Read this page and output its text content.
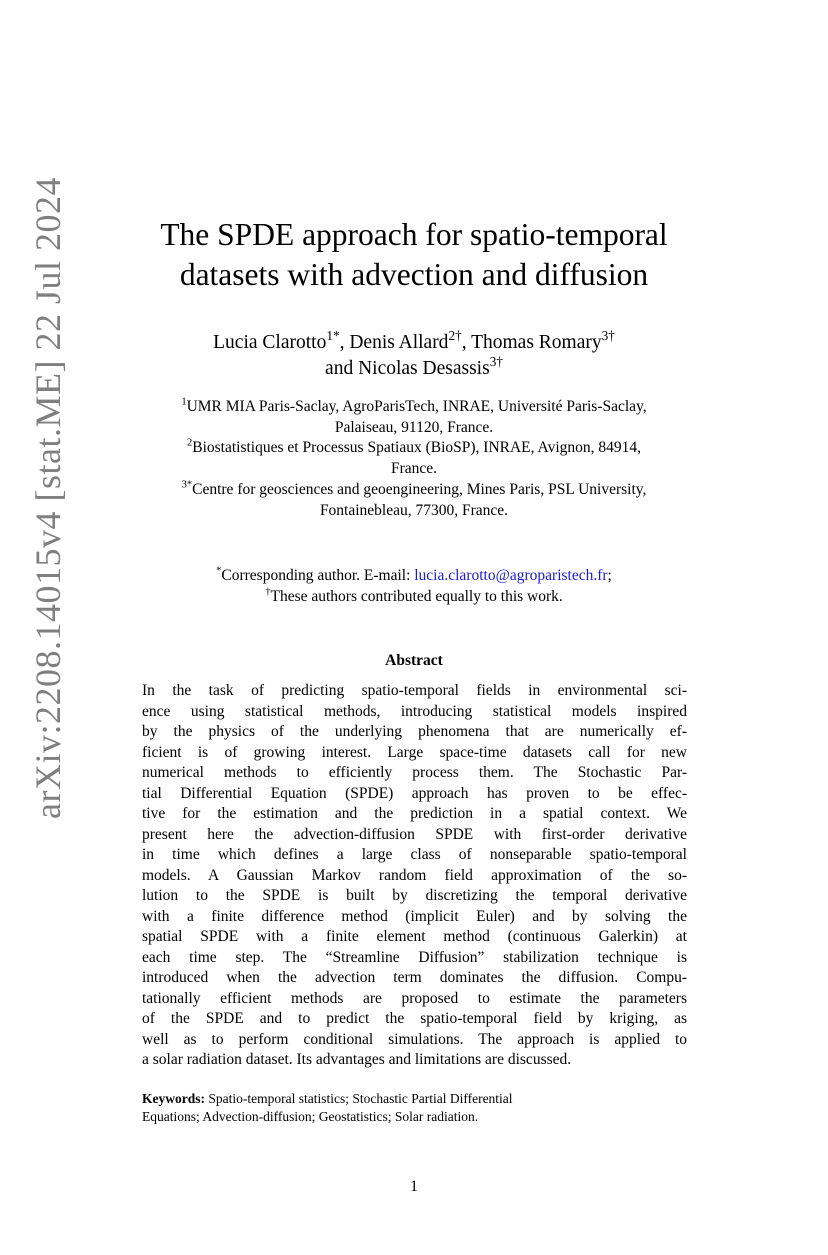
arXiv:2208.14015v4 [stat.ME] 22 Jul 2024	The SPDE approach for spatio-temporal
datasets with advection and diffusion
Lucia Clarotto$^{1*}$, Denis Allard$^{2\dagger}$, Thomas Romary$^{3\dagger}$
and Nicolas Desassis$^{3\dagger}$
$^1$UMR MIA Paris-Saclay, AgroParisTech, INRAE, Université Paris-Saclay,
Palaiseau, 91120, France.
$^2$Biostatistiques et Processus Spatiaux (BioSP), INRAE, Avignon, 84914,
France.
$^{3*}$Centre for geosciences and geoengineering, Mines Paris, PSL University,
Fontainebleau, 77300, France.
*Corresponding author. E-mail: lucia.clarotto@agroparistech.fr;
†These authors contributed equally to this work.
Abstract
In the task of predicting spatio-temporal fields in environmental sci-
ence using statistical methods, introducing statistical models inspired
by the physics of the underlying phenomena that are numerically ef-
ficient is of growing interest. Large space-time datasets call for new
numerical methods to efficiently process them. The Stochastic Par-
tial Differential Equation (SPDE) approach has proven to be effec-
tive for the estimation and the prediction in a spatial context. We
present here the advection-diffusion SPDE with first-order derivative
in time which defines a large class of nonseparable spatio-temporal
models. A Gaussian Markov random field approximation of the so-
lution to the SPDE is built by discretizing the temporal derivative
with a finite difference method (implicit Euler) and by solving the
spatial SPDE with a finite element method (continuous Galerkin) at
each time step. The “Streamline Diffusion” stabilization technique is
introduced when the advection term dominates the diffusion. Compu-
tationally efficient methods are proposed to estimate the parameters
of the SPDE and to predict the spatio-temporal field by kriging, as
well as to perform conditional simulations. The approach is applied to
a solar radiation dataset. Its advantages and limitations are discussed.
Keywords: Spatio-temporal statistics; Stochastic Partial Differential
Equations; Advection-diffusion; Geostatistics; Solar radiation.
1
